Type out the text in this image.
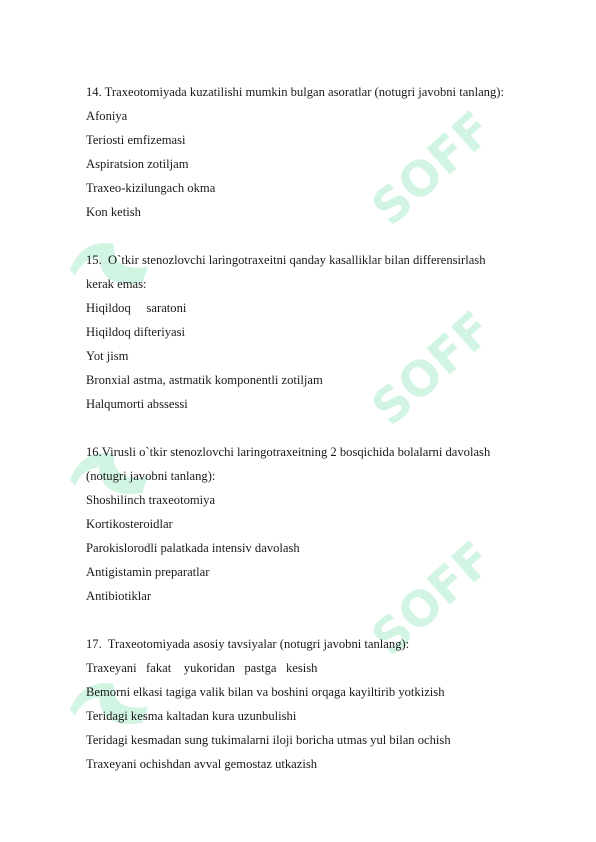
SOFF
SOFF
SOFF
14. Traxeotomiyada kuzatilishi mumkin bulgan asoratlar (notugri javobni tanlang):
Afoniya
Teriosti emfizemasi
Aspiratsion zotiljam
Traxeo-kizilungach okma
Kon ketish
15.  O`tkir stenozlovchi laringotraxeitni qanday kasalliklar bilan differensirlash
kerak emas:
Hiqildoq     saratoni
Hiqildoq difteriyasi
Yot jism
Bronxial astma, astmatik komponentli zotiljam
Halqumorti abssessi
16.Virusli o`tkir stenozlovchi laringotraxeitning 2 bosqichida bolalarni davolash
(notugri javobni tanlang):
Shoshilinch traxeotomiya
Kortikosteroidlar
Parokislorodli palatkada intensiv davolash
Antigistamin preparatlar
Antibiotiklar
17.  Traxeotomiyada asosiy tavsiyalar (notugri javobni tanlang):
Traxeyani   fakat    yukoridan   pastga   kesish
Bemorni elkasi tagiga valik bilan va boshini orqaga kayiltirib yotkizish
Teridagi kesma kaltadan kura uzunbulishi
Teridagi kesmadan sung tukimalarni iloji boricha utmas yul bilan ochish
Traxeyani ochishdan avval gemostaz utkazish
